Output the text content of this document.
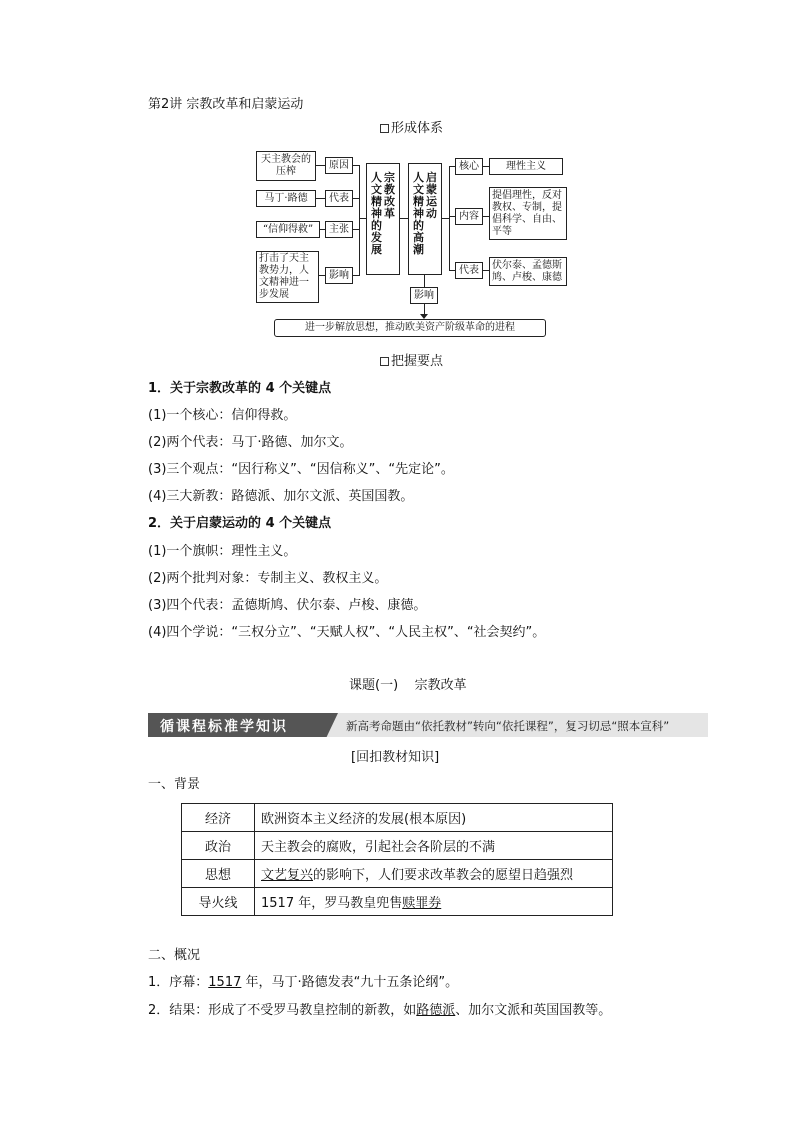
第2讲 宗教改革和启蒙运动
形成体系
天主教会的压榨
原因
马丁·路德	代表
“信仰得救”	主张
打击了天主教势力，人文精神进一步发展
影响
人文精神的发展
宗教改革
人文精神的高潮
启蒙运动
核心	理性主义
内容
提倡理性，反对教权、专制，提倡科学、自由、平等
代表	伏尔泰、孟德斯鸠、卢梭、康德
影响
进一步解放思想，推动欧美资产阶级革命的进程
把握要点
1．关于宗教改革的 4 个关键点
(1)一个核心：信仰得救。
(2)两个代表：马丁·路德、加尔文。
(3)三个观点：“因行称义”、“因信称义”、“先定论”。
(4)三大新教：路德派、加尔文派、英国国教。
2．关于启蒙运动的 4 个关键点
(1)一个旗帜：理性主义。
(2)两个批判对象：专制主义、教权主义。
(3)四个代表：孟德斯鸠、伏尔泰、卢梭、康德。
(4)四个学说：“三权分立”、“天赋人权”、“人民主权”、“社会契约”。
课题(一)    宗教改革
循课程标准学知识	新高考命题由“依托教材”转向“依托课程”，复习切忌“照本宣科”
[回扣教材知识]
一、背景
经济	欧洲资本主义经济的发展(根本原因)
政治	天主教会的腐败，引起社会各阶层的不满
思想	文艺复兴的影响下，人们要求改革教会的愿望日趋强烈
导火线	1517 年，罗马教皇兜售赎罪券
二、概况
1．序幕：1517 年，马丁·路德发表“九十五条论纲”。
2．结果：形成了不受罗马教皇控制的新教，如路德派、加尔文派和英国国教等。
